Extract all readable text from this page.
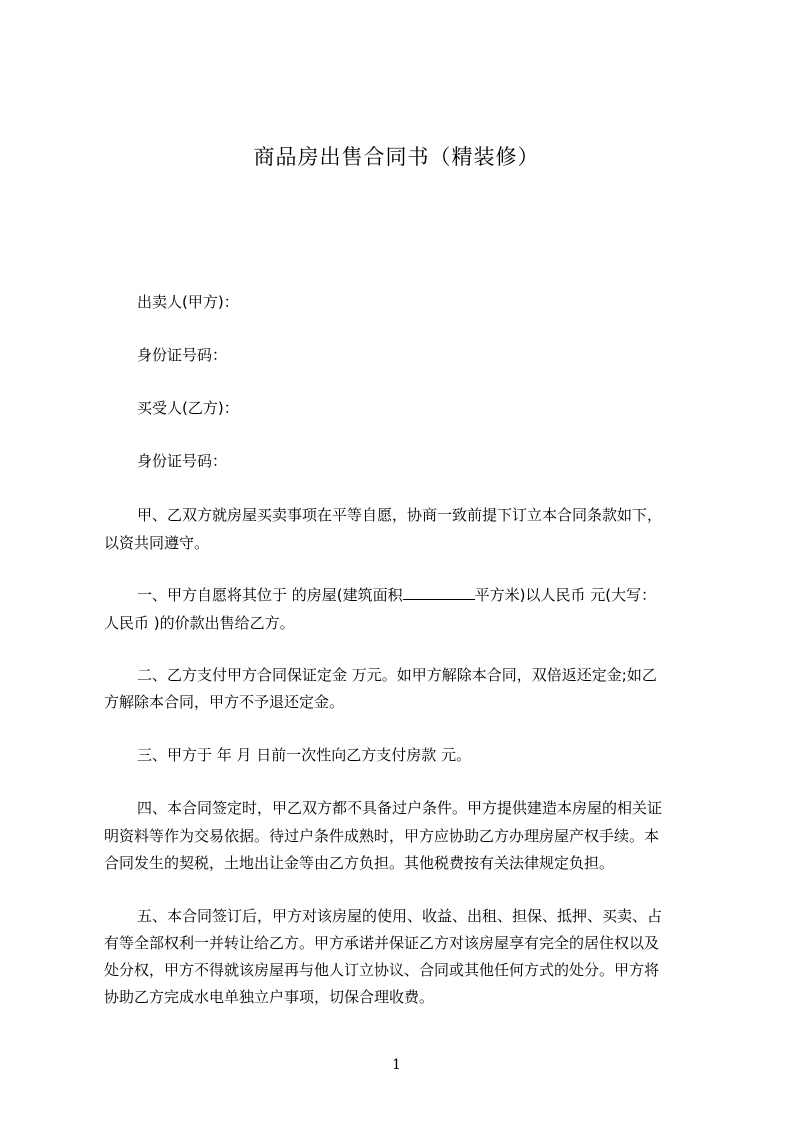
商品房出售合同书（精装修）
出卖人(甲方)：
身份证号码：
买受人(乙方)：
身份证号码：
甲、乙双方就房屋买卖事项在平等自愿，协商一致前提下订立本合同条款如下，
以资共同遵守。
一、甲方自愿将其位于 的房屋(建筑面积	平方米)以人民币 元(大写：
人民币 )的价款出售给乙方。
二、乙方支付甲方合同保证定金 万元。如甲方解除本合同，双倍返还定金;如乙
方解除本合同，甲方不予退还定金。
三、甲方于 年 月 日前一次性向乙方支付房款 元。
四、本合同签定时，甲乙双方都不具备过户条件。甲方提供建造本房屋的相关证
明资料等作为交易依据。待过户条件成熟时，甲方应协助乙方办理房屋产权手续。本
合同发生的契税，土地出让金等由乙方负担。其他税费按有关法律规定负担。
五、本合同签订后，甲方对该房屋的使用、收益、出租、担保、抵押、买卖、占
有等全部权利一并转让给乙方。甲方承诺并保证乙方对该房屋享有完全的居住权以及
处分权，甲方不得就该房屋再与他人订立协议、合同或其他任何方式的处分。甲方将
协助乙方完成水电单独立户事项，切保合理收费。
1
